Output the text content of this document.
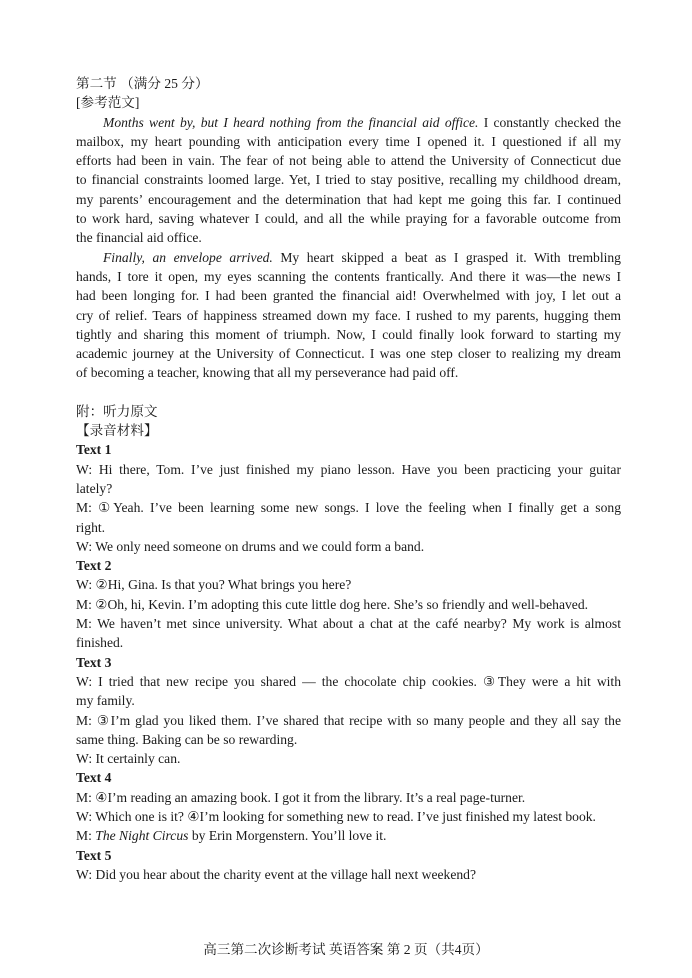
第二节 （满分 25 分）
[参考范文]
Months went by, but I heard nothing from the financial aid office. I constantly checked the
mailbox, my heart pounding with anticipation every time I opened it. I questioned if all my
efforts had been in vain. The fear of not being able to attend the University of Connecticut due
to financial constraints loomed large. Yet, I tried to stay positive, recalling my childhood dream,
my parents’ encouragement and the determination that had kept me going this far. I continued
to work hard, saving whatever I could, and all the while praying for a favorable outcome from
the financial aid office.
Finally, an envelope arrived. My heart skipped a beat as I grasped it. With trembling
hands, I tore it open, my eyes scanning the contents frantically. And there it was—the news I
had been longing for. I had been granted the financial aid! Overwhelmed with joy, I let out a
cry of relief. Tears of happiness streamed down my face. I rushed to my parents, hugging them
tightly and sharing this moment of triumph. Now, I could finally look forward to starting my
academic journey at the University of Connecticut. I was one step closer to realizing my dream
of becoming a teacher, knowing that all my perseverance had paid off.
附：听力原文
【录音材料】
Text 1
W: Hi there, Tom. I’ve just finished my piano lesson. Have you been practicing your guitar
lately?
M: ①Yeah. I’ve been learning some new songs. I love the feeling when I finally get a song
right.
W: We only need someone on drums and we could form a band.
Text 2
W: ②Hi, Gina. Is that you? What brings you here?
M: ②Oh, hi, Kevin. I’m adopting this cute little dog here. She’s so friendly and well-behaved.
M: We haven’t met since university. What about a chat at the café nearby? My work is almost
finished.
Text 3
W: I tried that new recipe you shared — the chocolate chip cookies. ③They were a hit with
my family.
M: ③I’m glad you liked them. I’ve shared that recipe with so many people and they all say the
same thing. Baking can be so rewarding.
W: It certainly can.
Text 4
M: ④I’m reading an amazing book. I got it from the library. It’s a real page-turner.
W: Which one is it? ④I’m looking for something new to read. I’ve just finished my latest book.
M: The Night Circus by Erin Morgenstern. You’ll love it.
Text 5
W: Did you hear about the charity event at the village hall next weekend?
高三第二次诊断考试 英语答案 第 2 页（共4页）
